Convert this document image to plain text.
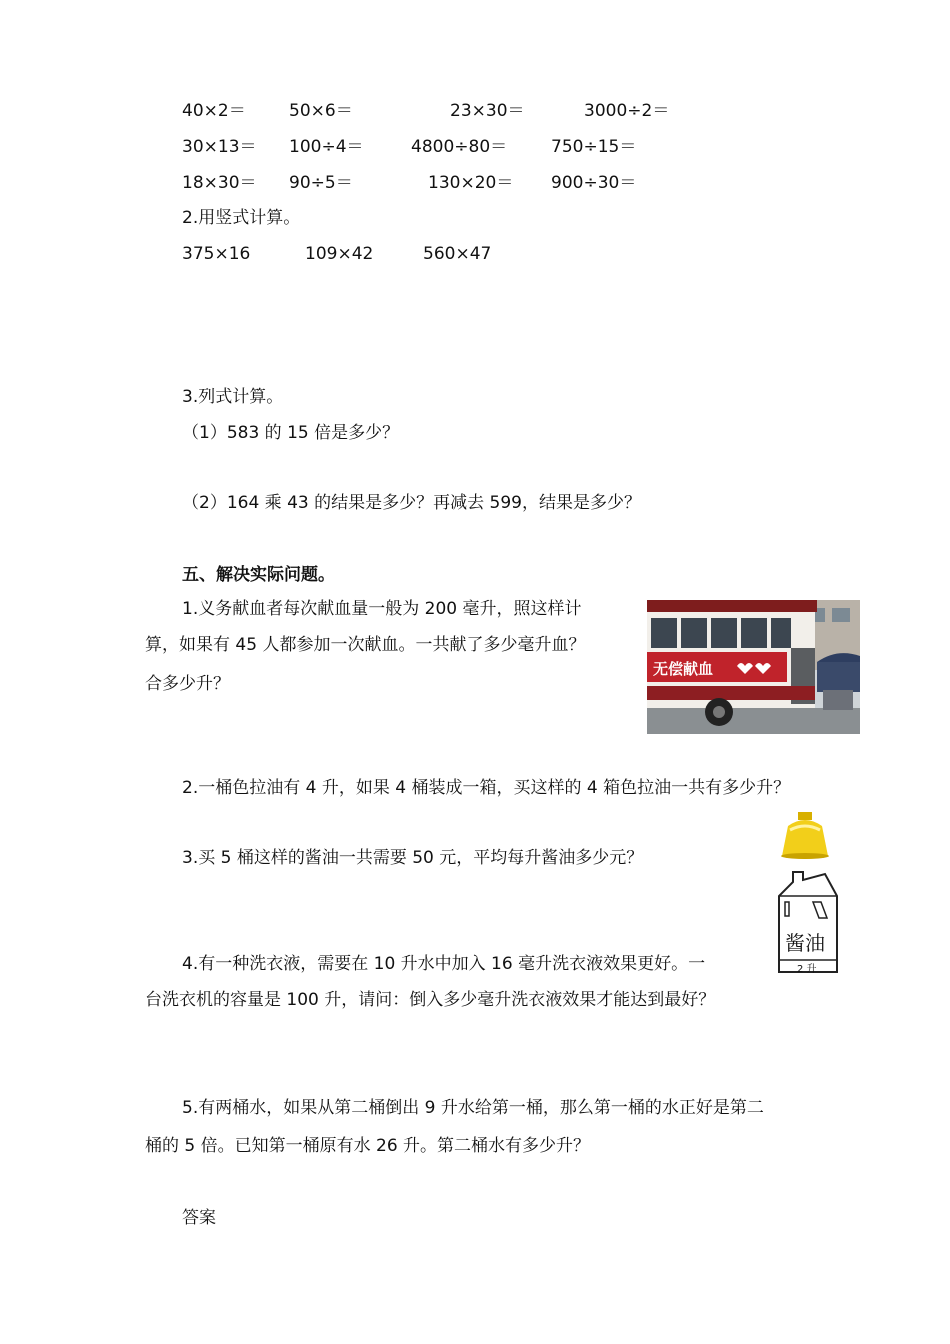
40×2＝	50×6＝	23×30＝	3000÷2＝
30×13＝ 100÷4＝	4800÷80＝	750÷15＝
18×30＝ 90÷5＝	130×20＝ 900÷30＝
2.用竖式计算。
375×16	109×42	560×47
3.列式计算。
（1）583 的 15 倍是多少？
（2）164 乘 43 的结果是多少？再减去 599，结果是多少？
五、解决实际问题。
1.义务献血者每次献血量一般为 200 毫升，照这样计
算，如果有 45 人都参加一次献血。一共献了多少毫升血？
合多少升？
无偿献血
2.一桶色拉油有 4 升，如果 4 桶装成一箱，买这样的 4 箱色拉油一共有多少升？
3.买 5 桶这样的酱油一共需要 50 元，平均每升酱油多少元？
酱油
2 升
4.有一种洗衣液，需要在 10 升水中加入 16 毫升洗衣液效果更好。一
台洗衣机的容量是 100 升，请问：倒入多少毫升洗衣液效果才能达到最好？
5.有两桶水，如果从第二桶倒出 9 升水给第一桶，那么第一桶的水正好是第二
桶的 5 倍。已知第一桶原有水 26 升。第二桶水有多少升？
答案
